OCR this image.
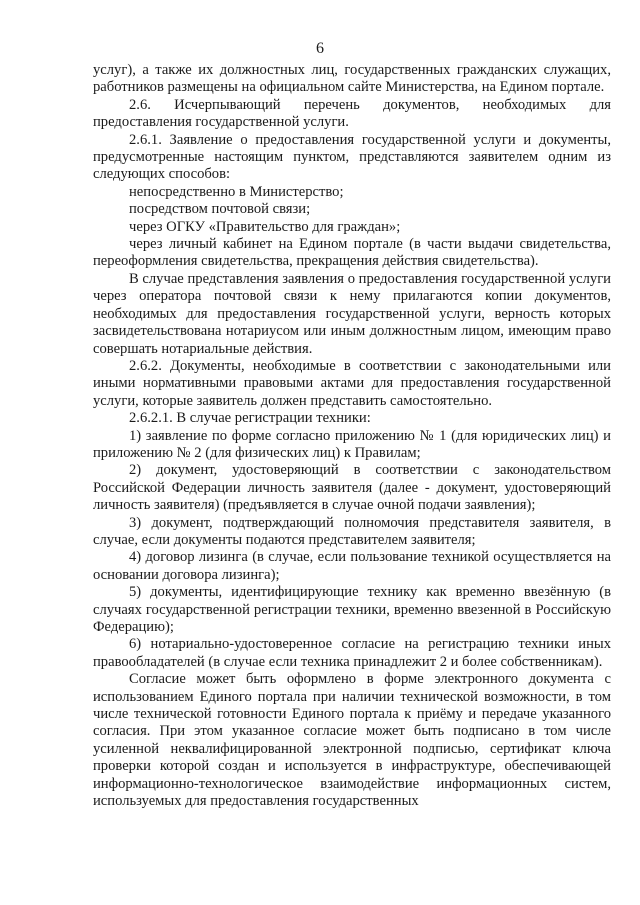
6

услуг), а также их должностных лиц, государственных гражданских служащих, работников размещены на официальном сайте Министерства, на Едином портале.

2.6. Исчерпывающий перечень документов, необходимых для предоставления государственной услуги.

2.6.1. Заявление о предоставления государственной услуги и документы, предусмотренные настоящим пунктом, представляются заявителем одним из следующих способов:

непосредственно в Министерство;

посредством почтовой связи;

через ОГКУ «Правительство для граждан»;

через личный кабинет на Едином портале (в части выдачи свидетельства, переоформления свидетельства, прекращения действия свидетельства).

В случае представления заявления о предоставления государственной услуги через оператора почтовой связи к нему прилагаются копии документов, необходимых для предоставления государственной услуги, верность которых засвидетельствована нотариусом или иным должностным лицом, имеющим право совершать нотариальные действия.

2.6.2. Документы, необходимые в соответствии с законодательными или иными нормативными правовыми актами для предоставления государственной услуги, которые заявитель должен представить самостоятельно.

2.6.2.1. В случае регистрации техники:

1) заявление по форме согласно приложению № 1 (для юридических лиц) и приложению № 2 (для физических лиц) к Правилам;

2) документ, удостоверяющий в соответствии с законодательством Российской Федерации личность заявителя (далее - документ, удостоверяющий личность заявителя) (предъявляется в случае очной подачи заявления);

3) документ, подтверждающий полномочия представителя заявителя, в случае, если документы подаются представителем заявителя;

4) договор лизинга (в случае, если пользование техникой осуществляется на основании договора лизинга);

5) документы, идентифицирующие технику как временно ввезённую (в случаях государственной регистрации техники, временно ввезенной в Российскую Федерацию);

6) нотариально-удостоверенное согласие на регистрацию техники иных правообладателей (в случае если техника принадлежит 2 и более собственникам).

Согласие может быть оформлено в форме электронного документа с использованием Единого портала при наличии технической возможности, в том числе технической готовности Единого портала к приёму и передаче указанного согласия. При этом указанное согласие может быть подписано в том числе усиленной неквалифицированной электронной подписью, сертификат ключа проверки которой создан и используется в инфраструктуре, обеспечивающей информационно-технологическое взаимодействие информационных систем, используемых для предоставления государственных
